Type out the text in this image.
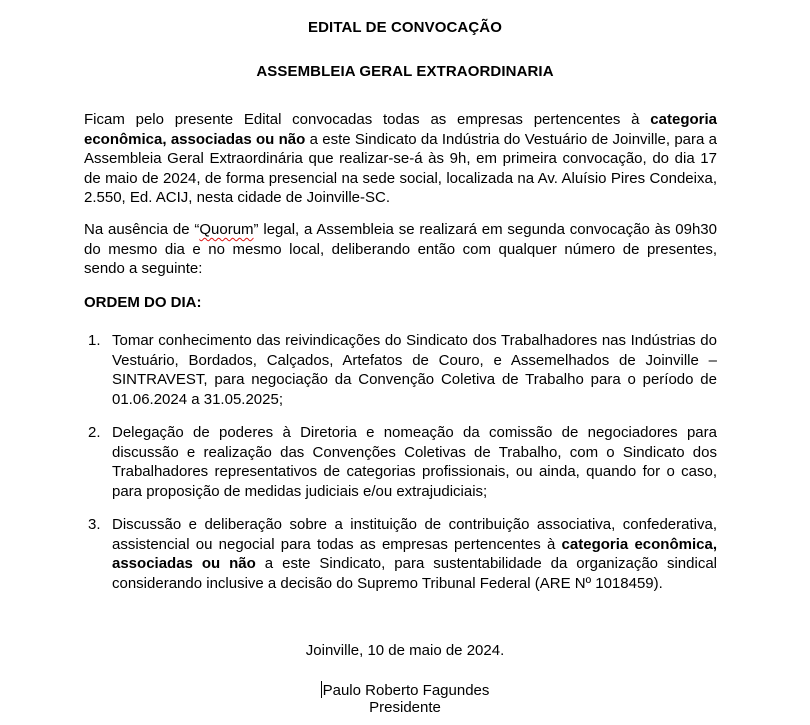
EDITAL DE CONVOCAÇÃO
ASSEMBLEIA GERAL EXTRAORDINARIA
Ficam pelo presente Edital convocadas todas as empresas pertencentes à categoria econômica, associadas ou não a este Sindicato da Indústria do Vestuário de Joinville, para a Assembleia Geral Extraordinária que realizar-se-á às 9h, em primeira convocação, do dia 17 de maio de 2024, de forma presencial na sede social, localizada na Av. Aluísio Pires Condeixa, 2.550, Ed. ACIJ, nesta cidade de Joinville-SC.
Na ausência de “Quorum” legal, a Assembleia se realizará em segunda convocação às 09h30 do mesmo dia e no mesmo local, deliberando então com qualquer número de presentes, sendo a seguinte:
ORDEM DO DIA:
1. Tomar conhecimento das reivindicações do Sindicato dos Trabalhadores nas Indústrias do Vestuário, Bordados, Calçados, Artefatos de Couro, e Assemelhados de Joinville – SINTRAVEST, para negociação da Convenção Coletiva de Trabalho para o período de 01.06.2024 a 31.05.2025;
2. Delegação de poderes à Diretoria e nomeação da comissão de negociadores para discussão e realização das Convenções Coletivas de Trabalho, com o Sindicato dos Trabalhadores representativos de categorias profissionais, ou ainda, quando for o caso, para proposição de medidas judiciais e/ou extrajudiciais;
3. Discussão e deliberação sobre a instituição de contribuição associativa, confederativa, assistencial ou negocial para todas as empresas pertencentes à categoria econômica, associadas ou não a este Sindicato, para sustentabilidade da organização sindical considerando inclusive a decisão do Supremo Tribunal Federal (ARE Nº 1018459).
Joinville, 10 de maio de 2024.
Paulo Roberto Fagundes
Presidente
